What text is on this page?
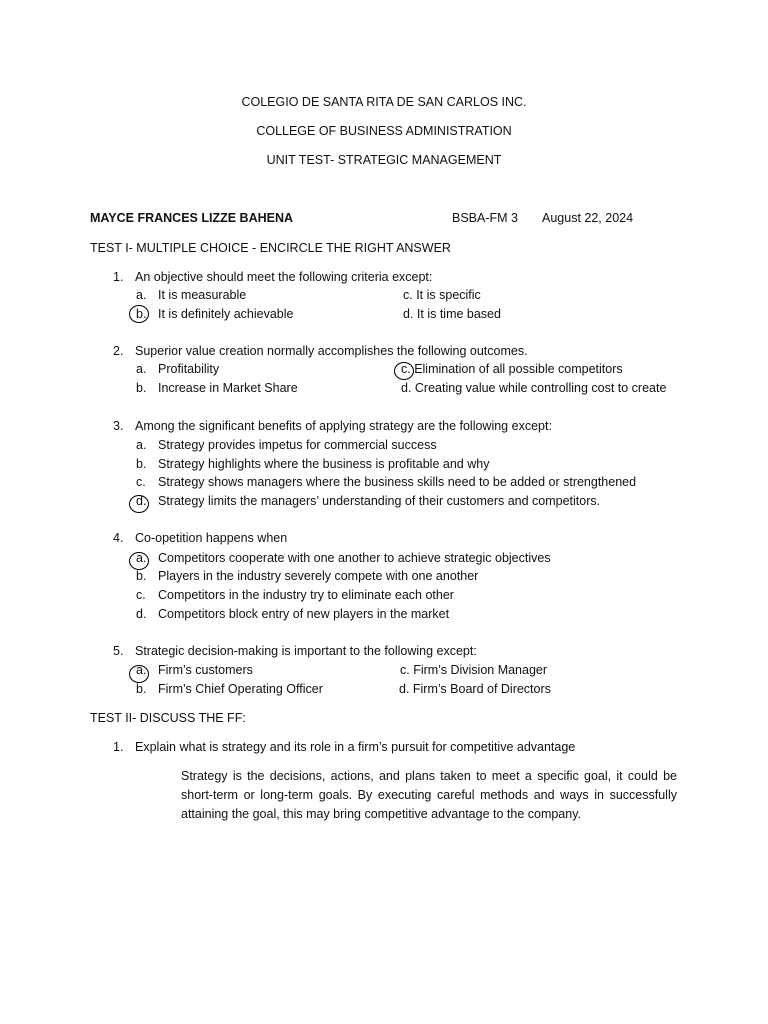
COLEGIO DE SANTA RITA DE SAN CARLOS INC.
COLLEGE OF BUSINESS ADMINISTRATION
UNIT TEST- STRATEGIC MANAGEMENT
MAYCE FRANCES LIZZE BAHENA	BSBA-FM 3 August 22, 2024
TEST I- MULTIPLE CHOICE - ENCIRCLE THE RIGHT ANSWER
1. An objective should meet the following criteria except:
a. It is measurable	c. It is specific
b. It is definitely achievable	d. It is time based
2. Superior value creation normally accomplishes the following outcomes.
a. Profitability	c. Elimination of all possible competitors
b. Increase in Market Share	d. Creating value while controlling cost to create
3. Among the significant benefits of applying strategy are the following except:
a. Strategy provides impetus for commercial success
b. Strategy highlights where the business is profitable and why
c. Strategy shows managers where the business skills need to be added or strengthened
d. Strategy limits the managers’ understanding of their customers and competitors.
4. Co-opetition happens when
a. Competitors cooperate with one another to achieve strategic objectives
b. Players in the industry severely compete with one another
c. Competitors in the industry try to eliminate each other
d. Competitors block entry of new players in the market
5. Strategic decision-making is important to the following except:
a. Firm’s customers	c. Firm’s Division Manager
b. Firm’s Chief Operating Officer	d. Firm’s Board of Directors
TEST II- DISCUSS THE FF:
1. Explain what is strategy and its role in a firm’s pursuit for competitive advantage
Strategy is the decisions, actions, and plans taken to meet a specific goal, it could be short-term or long-term goals. By executing careful methods and ways in successfully attaining the goal, this may bring competitive advantage to the company.
